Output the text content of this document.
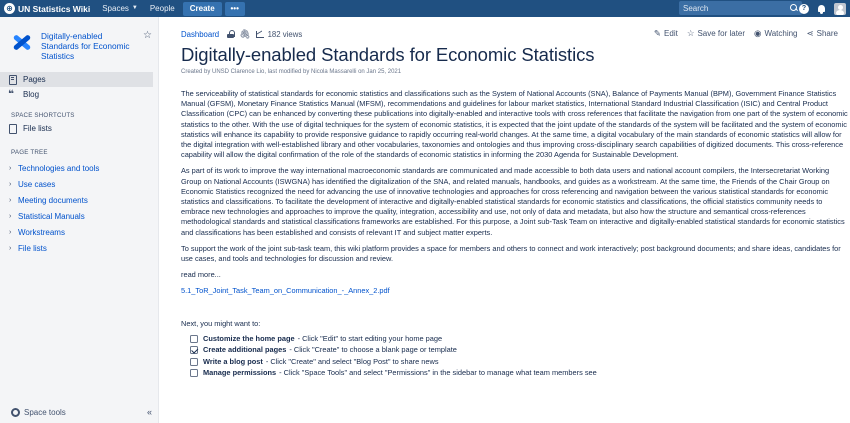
⊕ UN Statistics Wiki Spaces ▼ People	Create	•••	Search	?
Digitally-enabled Standards for Economic Statistics
☆
Pages
❝	Blog
SPACE SHORTCUTS
File lists
PAGE TREE
› Technologies and tools
› Use cases
› Meeting documents
› Statistical Manuals
› Workstreams
› File lists
Space tools	«
Dashboard 🖇 182 views	✎ Edit ☆ Save for later ◉ Watching ⋖ Share
Digitally-enabled Standards for Economic Statistics
Created by UNSD Clarence Lio, last modified by Nicola Massarelli on Jan 25, 2021

The serviceability of statistical standards for economic statistics and classifications such as the System of National Accounts (SNA), Balance of Payments Manual (BPM), Government Finance Statistics Manual (GFSM), Monetary Finance Statistics Manual (MFSM), recommendations and guidelines for labour market statistics, International Standard Industrial Classification (ISIC) and Central Product Classification (CPC) can be enhanced by converting these publications into digitally-enabled and interactive tools with cross references that facilitate the navigation from one part of the system of economic statistics to the other. With the use of digital techniques for the system of economic statistics, it is expected that the joint update of the standards of the system will be facilitated and the system of economic statistics will enhance its capability to provide responsive guidance to rapidly occurring real-world changes. At the same time, a digital vocabulary of the main standards of economic statistics will allow for the digital integration with well-established library and other vocabularies, taxonomies and ontologies and thus improving cross-disciplinary search capabilities of digitized documents. This cross-reference capability will allow the digital confirmation of the role of the standards of economic statistics in informing the 2030 Agenda for Sustainable Development.

As part of its work to improve the way international macroeconomic standards are communicated and made accessible to both data users and national account compilers, the Intersecretariat Working Group on National Accounts (ISWGNA) has identified the digitalization of the SNA, and related manuals, handbooks, and guides as a workstream. At the same time, the Friends of the Chair Group on Economic Statistics recognized the need for advancing the use of innovative technologies and approaches for cross referencing and navigation between the various statistical standards for economic statistics and classifications. To facilitate the development of interactive and digitally-enabled statistical standards for economic statistics and classifications, the official statistics community needs to embrace new technologies and approaches to improve the quality, integration, accessibility and use, not only of data and metadata, but also how the structure and semantical cross-references methodological standards and statistical classifications frameworks are established. For this purpose, a Joint sub-Task Team on interactive and digitally-enabled statistical standards for economic statistics and classifications has been established and consists of relevant IT and subject matter experts.

To support the work of the joint sub-task team, this wiki platform provides a space for members and others to connect and work interactively; post background documents; and share ideas, candidates for use cases, and tools and technologies for discussion and review.

read more...
5.1_ToR_Joint_Task_Team_on_Communication_-_Annex_2.pdf
Next, you might want to:
Customize the home page - Click "Edit" to start editing your home page
Create additional pages - Click "Create" to choose a blank page or template
Write a blog post - Click "Create" and select "Blog Post" to share news
Manage permissions - Click "Space Tools" and select "Permissions" in the sidebar to manage what team members see
